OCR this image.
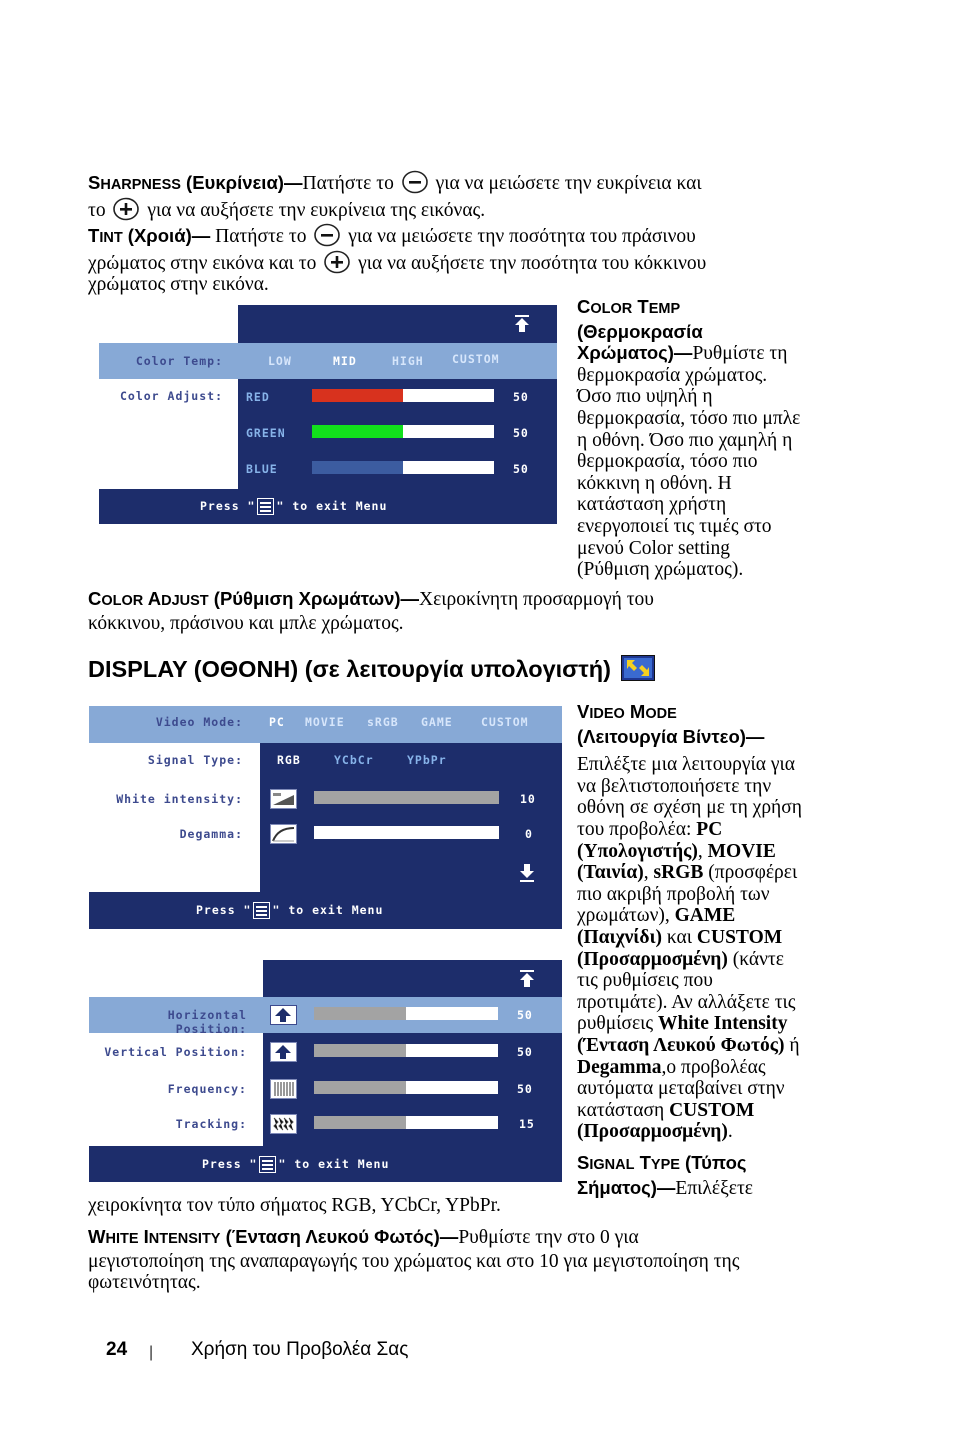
SHARPNESS (Ευκρίνεια)—Πατήστε το  για να μειώσετε την ευκρίνεια και
το  για να αυξήσετε την ευκρίνεια της εικόνας.
TINT (Χροιά)— Πατήστε το  για να μειώσετε την ποσότητα του πράσινου
χρώματος στην εικόνα και το  για να αυξήσετε την ποσότητα του κόκκινου
χρώματος στην εικόνα.
Color Temp:	LOW	MID	HIGH CUSTOM
Color Adjust: RED	50
GREEN	50
BLUE	50
Press " " to exit Menu
COLOR TEMP
(Θερμοκρασία
Χρώματος)—Ρυθμίστε τη
θερμοκρασία χρώματος.
Όσο πιο υψηλή η
θερμοκρασία, τόσο πιο μπλε
η οθόνη. Όσο πιο χαμηλή η
θερμοκρασία, τόσο πιο
κόκκινη η οθόνη. Η
κατάσταση χρήστη
ενεργοποιεί τις τιμές στο
μενού Color setting
(Ρύθμιση χρώματος).
COLOR ADJUST (Ρύθμιση Χρωμάτων)—Χειροκίνητη προσαρμογή του
κόκκινου, πράσινου και μπλε χρώματος.
DISPLAY (ΟΘΟΝΗ) (σε λειτουργία υπολογιστή)
Video Mode: PC MOVIE sRGB GAME CUSTOM
Signal Type:	RGB	YCbCr	YPbPr
White intensity:	10
Degamma:	0
Press " " to exit Menu
Horizontal Position:
50
Vertical Position:	50
Frequency:	50
Tracking:	15
Press " " to exit Menu
VIDEO MODE
(Λειτουργία Βίντεο)—
Επιλέξτε μια λειτουργία για
να βελτιστοποιήσετε την
οθόνη σε σχέση με τη χρήση
του προβολέα: PC
(Υπολογιστής), MOVIE
(Ταινία), sRGB (προσφέρει
πιο ακριβή προβολή των
χρωμάτων), GAME
(Παιχνίδι) και CUSTOM
(Προσαρμοσμένη) (κάντε
τις ρυθμίσεις που
προτιμάτε). Αν αλλάξετε τις
ρυθμίσεις White Intensity
(Ένταση Λευκού Φωτός) ή
Degamma,ο προβολέας
αυτόματα μεταβαίνει στην
κατάσταση CUSTOM
(Προσαρμοσμένη).
SIGNAL TYPE (Τύπος
Σήματος)—Επιλέξετε
χειροκίνητα τον τύπο σήματος RGB, YCbCr, YPbPr.
WHITE INTENSITY (Ένταση Λευκού Φωτός)—Ρυθμίστε την στο 0 για
μεγιστοποίηση της αναπαραγωγής του χρώματος και στο 10 για μεγιστοποίηση της
φωτεινότητας.
24 | Χρήση του Προβολέα Σας
